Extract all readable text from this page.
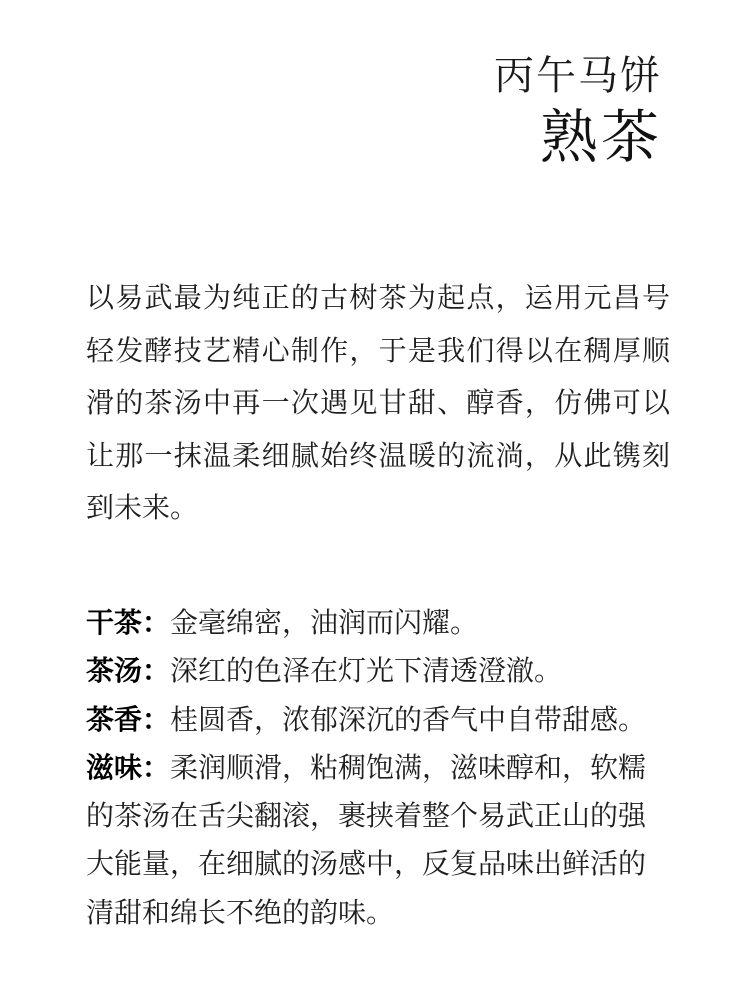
丙午马饼
熟茶
以易武最为纯正的古树茶为起点，运用元昌号轻发酵技艺精心制作，于是我们得以在稠厚顺滑的茶汤中再一次遇见甘甜、醇香，仿佛可以让那一抹温柔细腻始终温暖的流淌，从此镌刻到未来。

干茶：金毫绵密，油润而闪耀。

茶汤：深红的色泽在灯光下清透澄澈。

茶香：桂圆香，浓郁深沉的香气中自带甜感。

滋味：柔润顺滑，粘稠饱满，滋味醇和，软糯的茶汤在舌尖翻滚，裹挟着整个易武正山的强大能量，在细腻的汤感中，反复品味出鲜活的清甜和绵长不绝的韵味。
